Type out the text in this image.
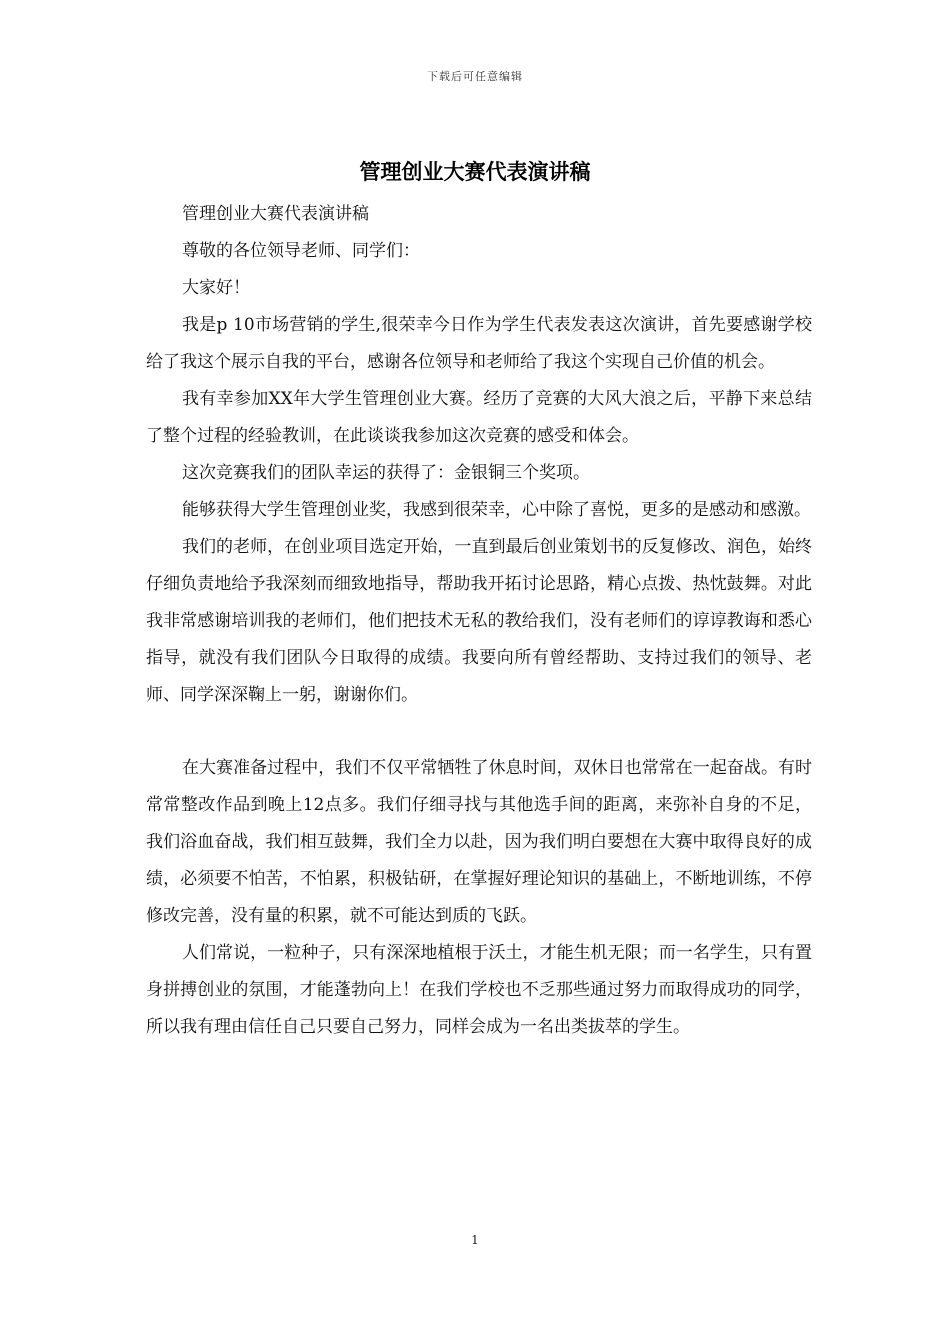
下载后可任意编辑
管理创业大赛代表演讲稿

管理创业大赛代表演讲稿

尊敬的各位领导老师、同学们：

大家好！

我是p 10市场营销的学生,很荣幸今日作为学生代表发表这次演讲，首先要感谢学校给了我这个展示自我的平台，感谢各位领导和老师给了我这个实现自己价值的机会。

我有幸参加XX年大学生管理创业大赛。经历了竞赛的大风大浪之后，平静下来总结了整个过程的经验教训，在此谈谈我参加这次竞赛的感受和体会。

这次竞赛我们的团队幸运的获得了：金银铜三个奖项。

能够获得大学生管理创业奖，我感到很荣幸，心中除了喜悦，更多的是感动和感激。

我们的老师，在创业项目选定开始，一直到最后创业策划书的反复修改、润色，始终仔细负责地给予我深刻而细致地指导，帮助我开拓讨论思路，精心点拨、热忱鼓舞。对此我非常感谢培训我的老师们，他们把技术无私的教给我们，没有老师们的谆谆教诲和悉心指导，就没有我们团队今日取得的成绩。我要向所有曾经帮助、支持过我们的领导、老师、同学深深鞠上一躬，谢谢你们。

在大赛准备过程中，我们不仅平常牺牲了休息时间，双休日也常常在一起奋战。有时常常整改作品到晚上12点多。我们仔细寻找与其他选手间的距离，来弥补自身的不足，我们浴血奋战，我们相互鼓舞，我们全力以赴，因为我们明白要想在大赛中取得良好的成绩，必须要不怕苦，不怕累，积极钻研，在掌握好理论知识的基础上，不断地训练，不停修改完善，没有量的积累，就不可能达到质的飞跃。

人们常说，一粒种子，只有深深地植根于沃土，才能生机无限；而一名学生，只有置身拼搏创业的氛围，才能蓬勃向上！在我们学校也不乏那些通过努力而取得成功的同学，所以我有理由信任自己只要自己努力，同样会成为一名出类拔萃的学生。

1
